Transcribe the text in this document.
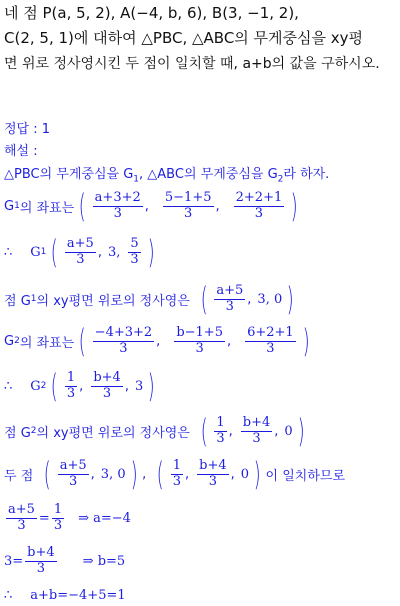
네 점 P(a, 5, 2), A(−4, b, 6), B(3, −1, 2),
C(2, 5, 1)에 대하여 △PBC, △ABC의 무게중심을 xy평
면 위로 정사영시킨 두 점이 일치할 때, a+b의 값을 구하시오.
정답 : 1
해설 :
△PBC의 무게중심을 $G_1$, △ABC의 무게중심을 $G_2$라 하자.
G 1 의 좌표는 ( $\frac{a+3+2}{3}$ , $\frac{5-1+5}{3}$ , $\frac{2+2+1}{3}$ )
∴ G 1 ( $\frac{a+5}{3}$ , 3, $\frac{5}{3}$ )
점 G 1 의 xy평면 위로의 정사영은 ( $\frac{a+5}{3}$ , 3, 0 )
G 2 의 좌표는 ( $\frac{-4+3+2}{3}$ , $\frac{b-1+5}{3}$ , $\frac{6+2+1}{3}$ )
∴ G 2 ( $\frac{1}{3}$ , $\frac{b+4}{3}$ , 3 )
점 G 2 의 xy평면 위로의 정사영은 ( $\frac{1}{3}$ , $\frac{b+4}{3}$ , 0 )
두 점 ( $\frac{a+5}{3}$ , 3, 0 ) , ( $\frac{1}{3}$ , $\frac{b+4}{3}$ , 0 ) 이 일치하므로
$\frac{a+5}{3} = \frac{1}{3}$ ⇒ a=−4
$3= \frac{b+4}{3}$ ⇒ b=5
∴ a+b=−4+5=1
